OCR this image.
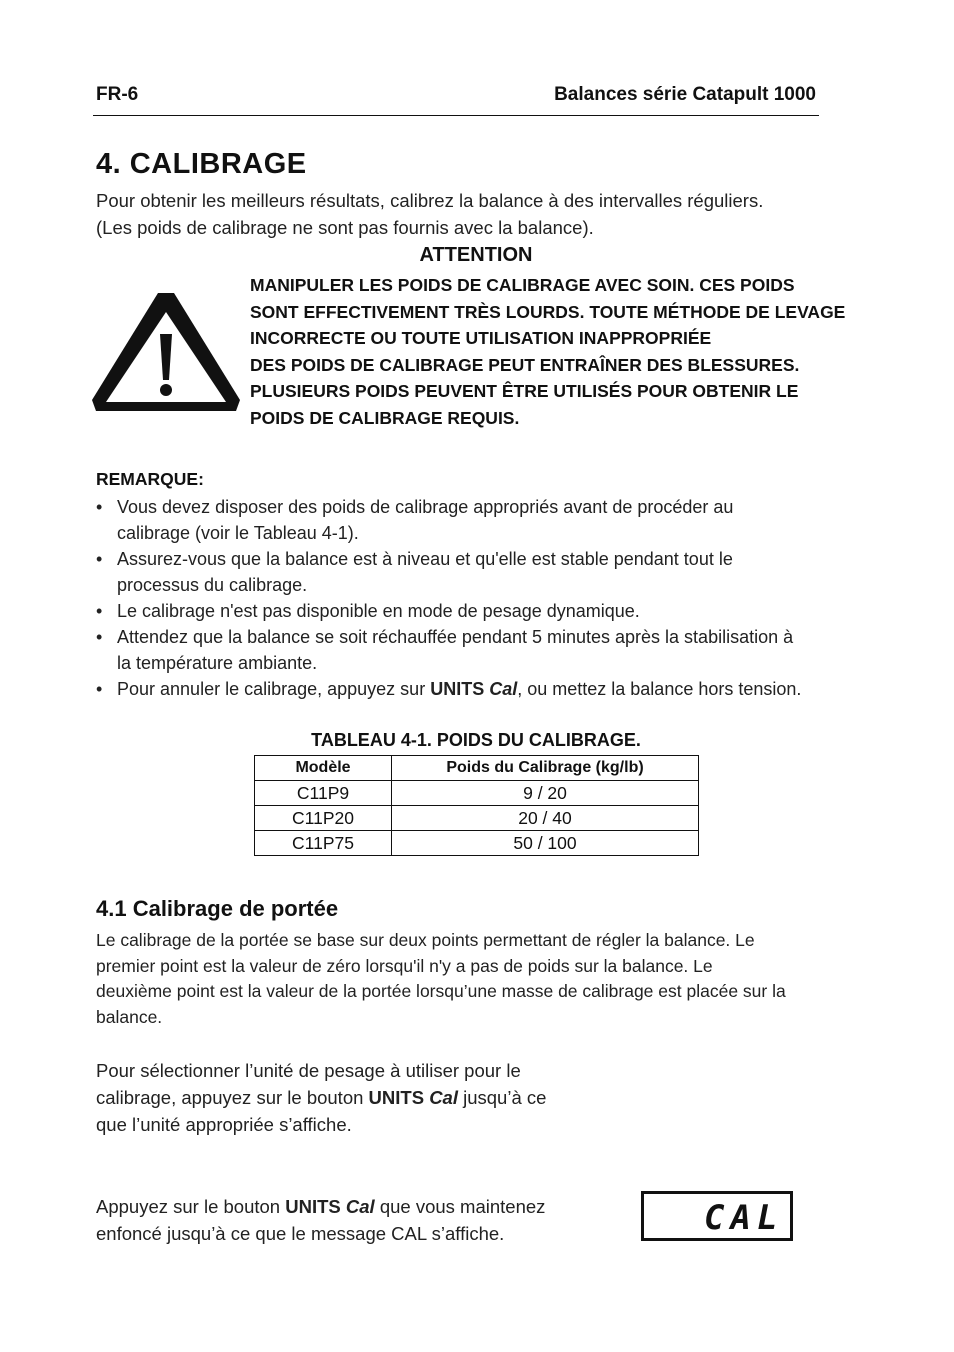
FR-6	Balances série Catapult 1000
4. CALIBRAGE
Pour obtenir les meilleurs résultats, calibrez la balance à des intervalles réguliers.
(Les poids de calibrage ne sont pas fournis avec la balance).
ATTENTION
MANIPULER LES POIDS DE CALIBRAGE AVEC SOIN. CES POIDS
SONT EFFECTIVEMENT TRÈS LOURDS. TOUTE MÉTHODE DE LEVAGE
INCORRECTE OU TOUTE UTILISATION INAPPROPRIÉE
DES POIDS DE CALIBRAGE PEUT ENTRAÎNER DES BLESSURES.
PLUSIEURS POIDS PEUVENT ÊTRE UTILISÉS POUR OBTENIR LE
POIDS DE CALIBRAGE REQUIS.
REMARQUE:
• Vous devez disposer des poids de calibrage appropriés avant de procéder au
calibrage (voir le Tableau 4-1).
• Assurez-vous que la balance est à niveau et qu'elle est stable pendant tout le
processus du calibrage.
• Le calibrage n'est pas disponible en mode de pesage dynamique.
• Attendez que la balance se soit réchauffée pendant 5 minutes après la stabilisation à
la température ambiante.
• Pour annuler le calibrage, appuyez sur UNITS Cal, ou mettez la balance hors tension.
TABLEAU 4-1. POIDS DU CALIBRAGE.
Modèle	Poids du Calibrage (kg/lb)
C11P9	9 / 20
C11P20	20 / 40
C11P75	50 / 100
4.1 Calibrage de portée
Le calibrage de la portée se base sur deux points permettant de régler la balance. Le
premier point est la valeur de zéro lorsqu'il n'y a pas de poids sur la balance. Le
deuxième point est la valeur de la portée lorsqu’une masse de calibrage est placée sur la
balance.
Pour sélectionner l’unité de pesage à utiliser pour le
calibrage, appuyez sur le bouton UNITS Cal jusqu’à ce
que l’unité appropriée s’affiche.
Appuyez sur le bouton UNITS Cal que vous maintenez
enfoncé jusqu’à ce que le message CAL s’affiche.	CAL
